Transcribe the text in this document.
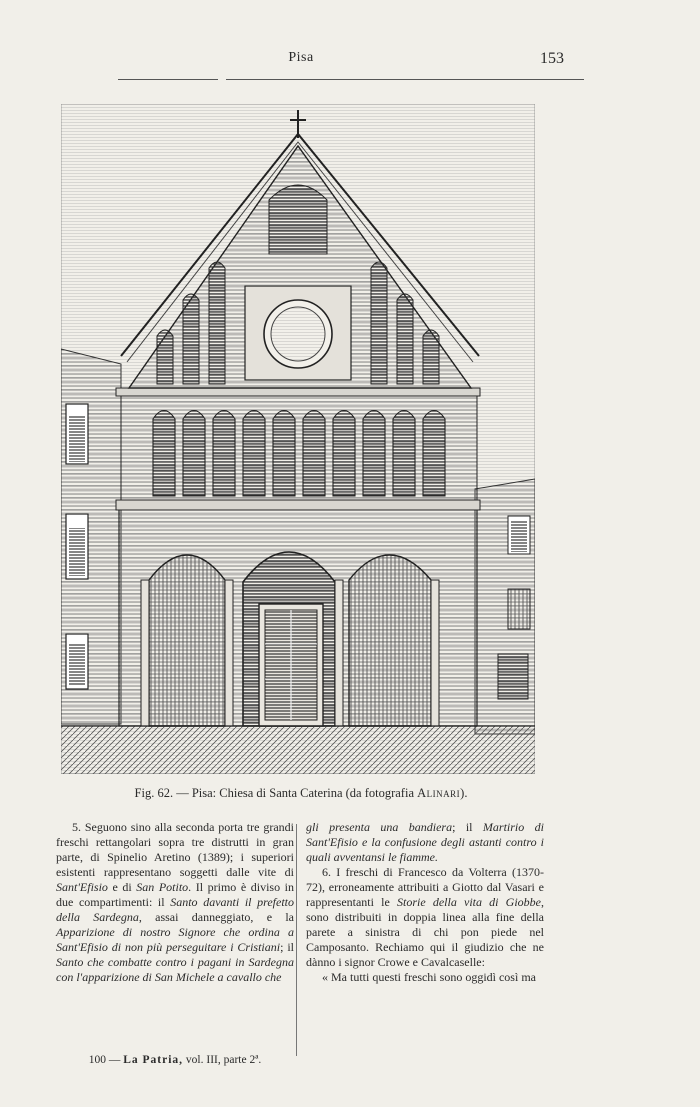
Pisa	153
Fig. 62. — Pisa: Chiesa di Santa Caterina (da fotografia Alinari).

5. Seguono sino alla seconda porta tre grandi freschi rettangolari sopra tre distrutti in gran parte, di Spinelio Aretino (1389); i superiori esistenti rappresentano soggetti dalle vite di Sant'Efisio e di San Potito. Il primo è diviso in due compartimenti: il Santo davanti il prefetto della Sardegna, assai danneggiato, e la Apparizione di nostro Signore che ordina a Sant'Efisio di non più perseguitare i Cristiani; il Santo che combatte contro i pagani in Sardegna con l'apparizione di San Michele a cavallo che

gli presenta una bandiera; il Martirio di Sant'Efisio e la confusione degli astanti contro i quali avventansi le fiamme.

6. I freschi di Francesco da Volterra (1370-72), erroneamente attribuiti a Giotto dal Vasari e rappresentanti le Storie della vita di Giobbe, sono distribuiti in doppia linea alla fine della parete a sinistra di chi pon piede nel Camposanto. Rechiamo qui il giudizio che ne dànno i signor Crowe e Cavalcaselle:

« Ma tutti questi freschi sono oggidì così ma

100 — La Patria, vol. III, parte 2ª.
